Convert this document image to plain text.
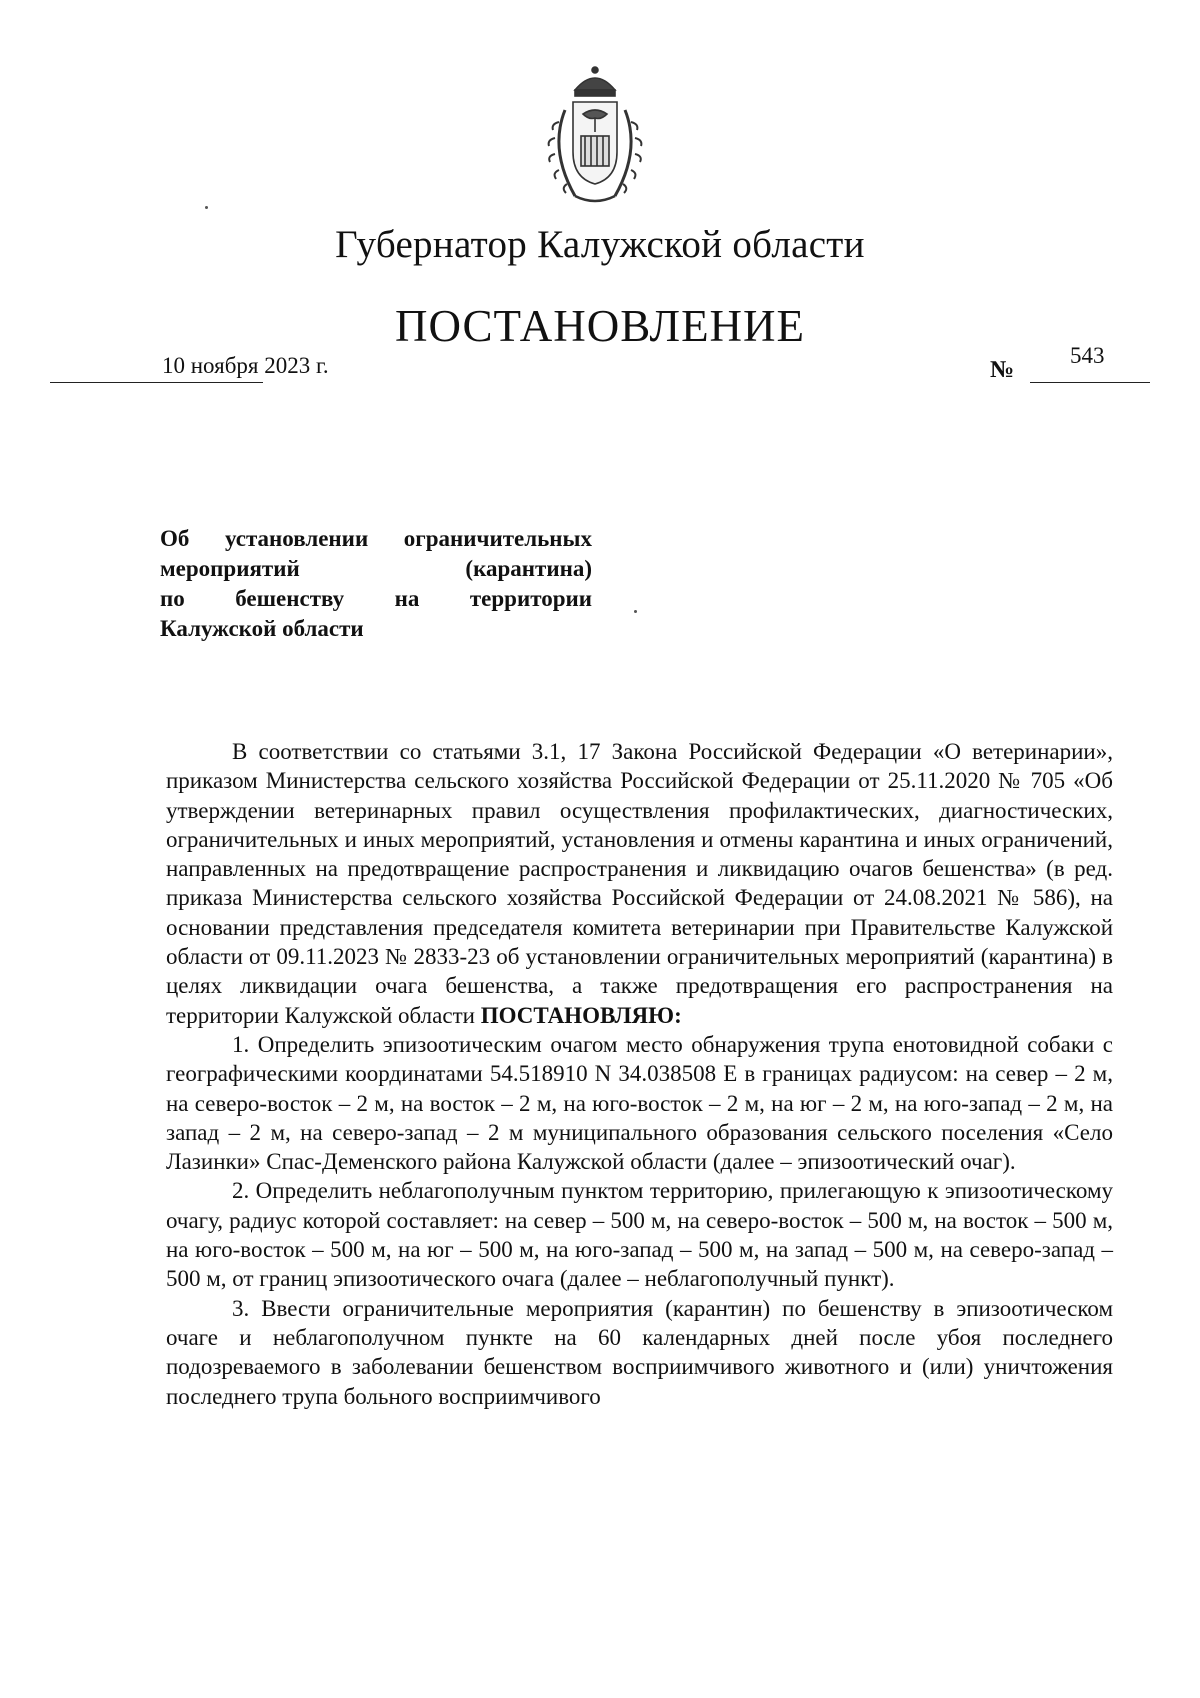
Губернатор Калужской области
ПОСТАНОВЛЕНИЕ
10 ноября 2023 г.	№
543
Об установлении ограничительных
мероприятий (карантина)
по бешенству на территории
Калужской области

В соответствии со статьями 3.1, 17 Закона Российской Федерации «О ветеринарии», приказом Министерства сельского хозяйства Российской Федерации от 25.11.2020 № 705 «Об утверждении ветеринарных правил осуществления профилактических, диагностических, ограничительных и иных мероприятий, установления и отмены карантина и иных ограничений, направленных на предотвращение распространения и ликвидацию очагов бешенства» (в ред. приказа Министерства сельского хозяйства Российской Федерации от 24.08.2021 № 586), на основании представления председателя комитета ветеринарии при Правительстве Калужской области от 09.11.2023 № 2833-23 об установлении ограничительных мероприятий (карантина) в целях ликвидации очага бешенства, а также предотвращения его распространения на территории Калужской области ПОСТАНОВЛЯЮ:

1. Определить эпизоотическим очагом место обнаружения трупа енотовидной собаки с географическими координатами 54.518910 N 34.038508 E в границах радиусом: на север – 2 м, на северо-восток – 2 м, на восток – 2 м, на юго-восток – 2 м, на юг – 2 м, на юго-запад – 2 м, на запад – 2 м, на северо-запад – 2 м муниципального образования сельского поселения «Село Лазинки» Спас-Деменского района Калужской области (далее – эпизоотический очаг).

2. Определить неблагополучным пунктом территорию, прилегающую к эпизоотическому очагу, радиус которой составляет: на север – 500 м, на северо-восток – 500 м, на восток – 500 м, на юго-восток – 500 м, на юг – 500 м, на юго-запад – 500 м, на запад – 500 м, на северо-запад – 500 м, от границ эпизоотического очага (далее – неблагополучный пункт).

3. Ввести ограничительные мероприятия (карантин) по бешенству в эпизоотическом очаге и неблагополучном пункте на 60 календарных дней после убоя последнего подозреваемого в заболевании бешенством восприимчивого животного и (или) уничтожения последнего трупа больного восприимчивого
